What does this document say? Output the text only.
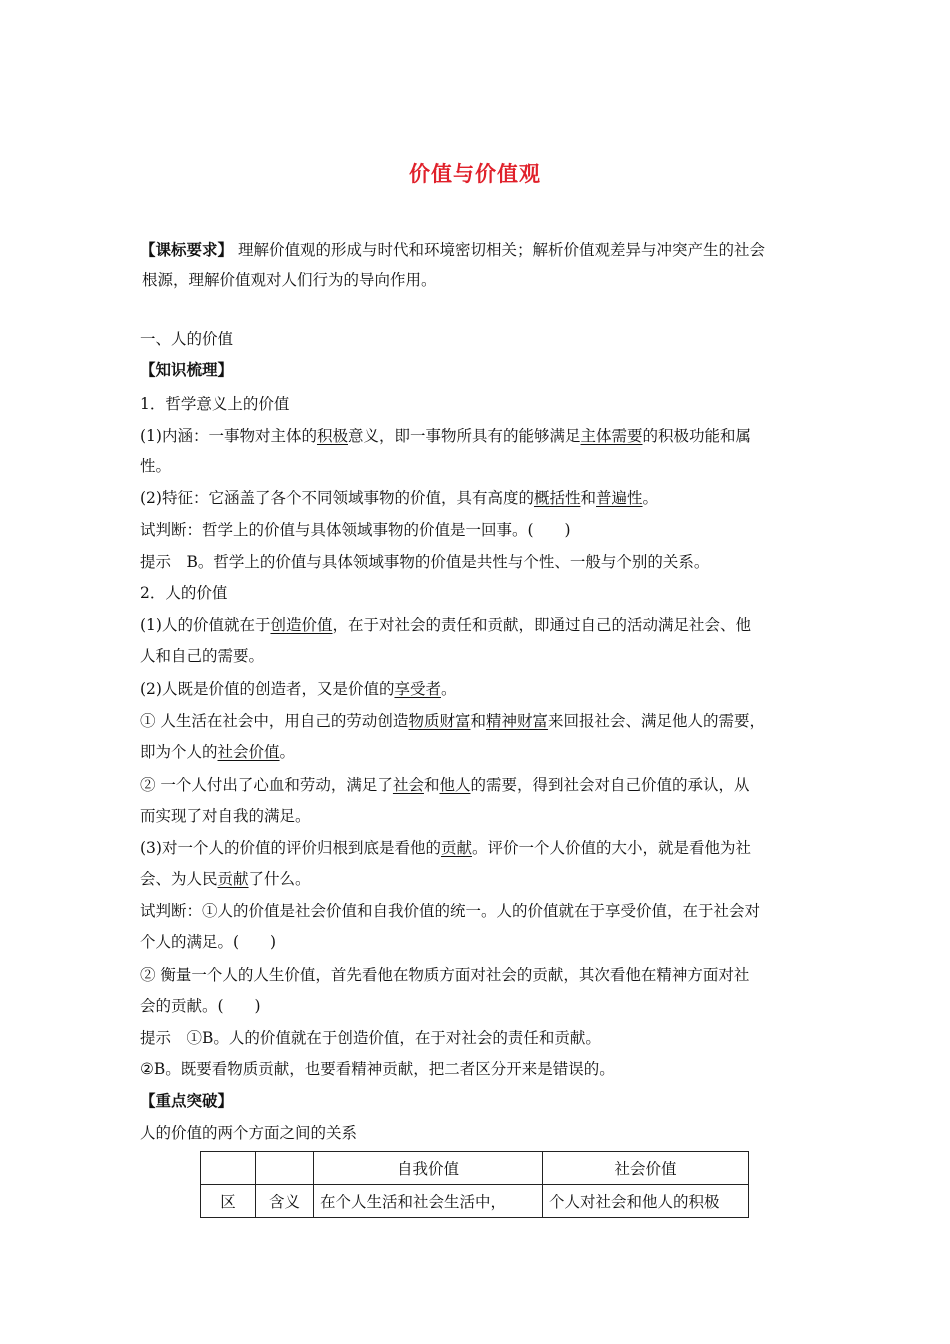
价值与价值观
【课标要求】 理解价值观的形成与时代和环境密切相关；解析价值观差异与冲突产生的社会
根源，理解价值观对人们行为的导向作用。
一、人的价值
【知识梳理】
1．哲学意义上的价值
(1)内涵：一事物对主体的积极意义，即一事物所具有的能够满足主体需要的积极功能和属
性。
(2)特征：它涵盖了各个不同领域事物的价值，具有高度的概括性和普遍性。
试判断：哲学上的价值与具体领域事物的价值是一回事。(　　)
提示　B。哲学上的价值与具体领域事物的价值是共性与个性、一般与个别的关系。
2．人的价值
(1)人的价值就在于创造价值，在于对社会的责任和贡献，即通过自己的活动满足社会、他
人和自己的需要。
(2)人既是价值的创造者，又是价值的享受者。
① 人生活在社会中，用自己的劳动创造物质财富和精神财富来回报社会、满足他人的需要，
即为个人的社会价值。
② 一个人付出了心血和劳动，满足了社会和他人的需要，得到社会对自己价值的承认，从
而实现了对自我的满足。
(3)对一个人的价值的评价归根到底是看他的贡献。评价一个人价值的大小，就是看他为社
会、为人民贡献了什么。
试判断：①人的价值是社会价值和自我价值的统一。人的价值就在于享受价值，在于社会对
个人的满足。(　　)
② 衡量一个人的人生价值，首先看他在物质方面对社会的贡献，其次看他在精神方面对社
会的贡献。(　　)
提示　①B。人的价值就在于创造价值，在于对社会的责任和贡献。
②B。既要看物质贡献，也要看精神贡献，把二者区分开来是错误的。
【重点突破】
人的价值的两个方面之间的关系
		自我价值	社会价值
区	含义	在个人生活和社会生活中，	个人对社会和他人的积极
